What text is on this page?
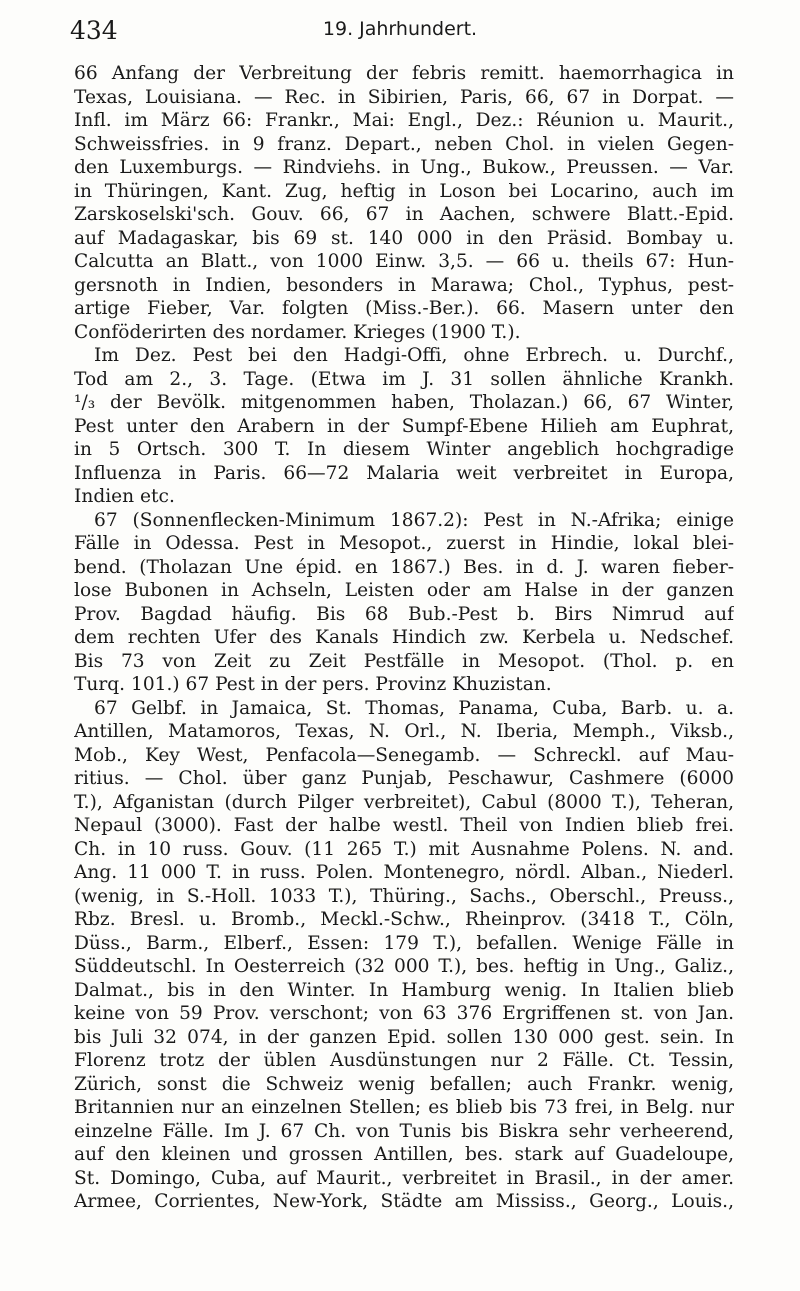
434	19. Jahrhundert.
66 Anfang der Verbreitung der febris remitt. haemorrhagica in
Texas, Louisiana. — Rec. in Sibirien, Paris, 66, 67 in Dorpat. —
Infl. im März 66: Frankr., Mai: Engl., Dez.: Réunion u. Maurit.,
Schweissfries. in 9 franz. Depart., neben Chol. in vielen Gegen-
den Luxemburgs. — Rindviehs. in Ung., Bukow., Preussen. — Var.
in Thüringen, Kant. Zug, heftig in Loson bei Locarino, auch im
Zarskoselski'sch. Gouv. 66, 67 in Aachen, schwere Blatt.-Epid.
auf Madagaskar, bis 69 st. 140 000 in den Präsid. Bombay u.
Calcutta an Blatt., von 1000 Einw. 3,5. — 66 u. theils 67: Hun-
gersnoth in Indien, besonders in Marawa; Chol., Typhus, pest-
artige Fieber, Var. folgten (Miss.-Ber.). 66. Masern unter den
Conföderirten des nordamer. Krieges (1900 T.).
Im Dez. Pest bei den Hadgi-Offi, ohne Erbrech. u. Durchf.,
Tod am 2., 3. Tage. (Etwa im J. 31 sollen ähnliche Krankh.
¹/₃ der Bevölk. mitgenommen haben, Tholazan.) 66, 67 Winter,
Pest unter den Arabern in der Sumpf-Ebene Hilieh am Euphrat,
in 5 Ortsch. 300 T. In diesem Winter angeblich hochgradige
Influenza in Paris. 66—72 Malaria weit verbreitet in Europa,
Indien etc.
67 (Sonnenflecken-Minimum 1867.2): Pest in N.-Afrika; einige
Fälle in Odessa. Pest in Mesopot., zuerst in Hindie, lokal blei-
bend. (Tholazan Une épid. en 1867.) Bes. in d. J. waren fieber-
lose Bubonen in Achseln, Leisten oder am Halse in der ganzen
Prov. Bagdad häufig. Bis 68 Bub.-Pest b. Birs Nimrud auf
dem rechten Ufer des Kanals Hindich zw. Kerbela u. Nedschef.
Bis 73 von Zeit zu Zeit Pestfälle in Mesopot. (Thol. p. en
Turq. 101.) 67 Pest in der pers. Provinz Khuzistan.
67 Gelbf. in Jamaica, St. Thomas, Panama, Cuba, Barb. u. a.
Antillen, Matamoros, Texas, N. Orl., N. Iberia, Memph., Viksb.,
Mob., Key West, Penfacola—Senegamb. — Schreckl. auf Mau-
ritius. — Chol. über ganz Punjab, Peschawur, Cashmere (6000
T.), Afganistan (durch Pilger verbreitet), Cabul (8000 T.), Teheran,
Nepaul (3000). Fast der halbe westl. Theil von Indien blieb frei.
Ch. in 10 russ. Gouv. (11 265 T.) mit Ausnahme Polens. N. and.
Ang. 11 000 T. in russ. Polen. Montenegro, nördl. Alban., Niederl.
(wenig, in S.-Holl. 1033 T.), Thüring., Sachs., Oberschl., Preuss.,
Rbz. Bresl. u. Bromb., Meckl.-Schw., Rheinprov. (3418 T., Cöln,
Düss., Barm., Elberf., Essen: 179 T.), befallen. Wenige Fälle in
Süddeutschl. In Oesterreich (32 000 T.), bes. heftig in Ung., Galiz.,
Dalmat., bis in den Winter. In Hamburg wenig. In Italien blieb
keine von 59 Prov. verschont; von 63 376 Ergriffenen st. von Jan.
bis Juli 32 074, in der ganzen Epid. sollen 130 000 gest. sein. In
Florenz trotz der üblen Ausdünstungen nur 2 Fälle. Ct. Tessin,
Zürich, sonst die Schweiz wenig befallen; auch Frankr. wenig,
Britannien nur an einzelnen Stellen; es blieb bis 73 frei, in Belg. nur
einzelne Fälle. Im J. 67 Ch. von Tunis bis Biskra sehr verheerend,
auf den kleinen und grossen Antillen, bes. stark auf Guadeloupe,
St. Domingo, Cuba, auf Maurit., verbreitet in Brasil., in der amer.
Armee, Corrientes, New-York, Städte am Mississ., Georg., Louis.,
